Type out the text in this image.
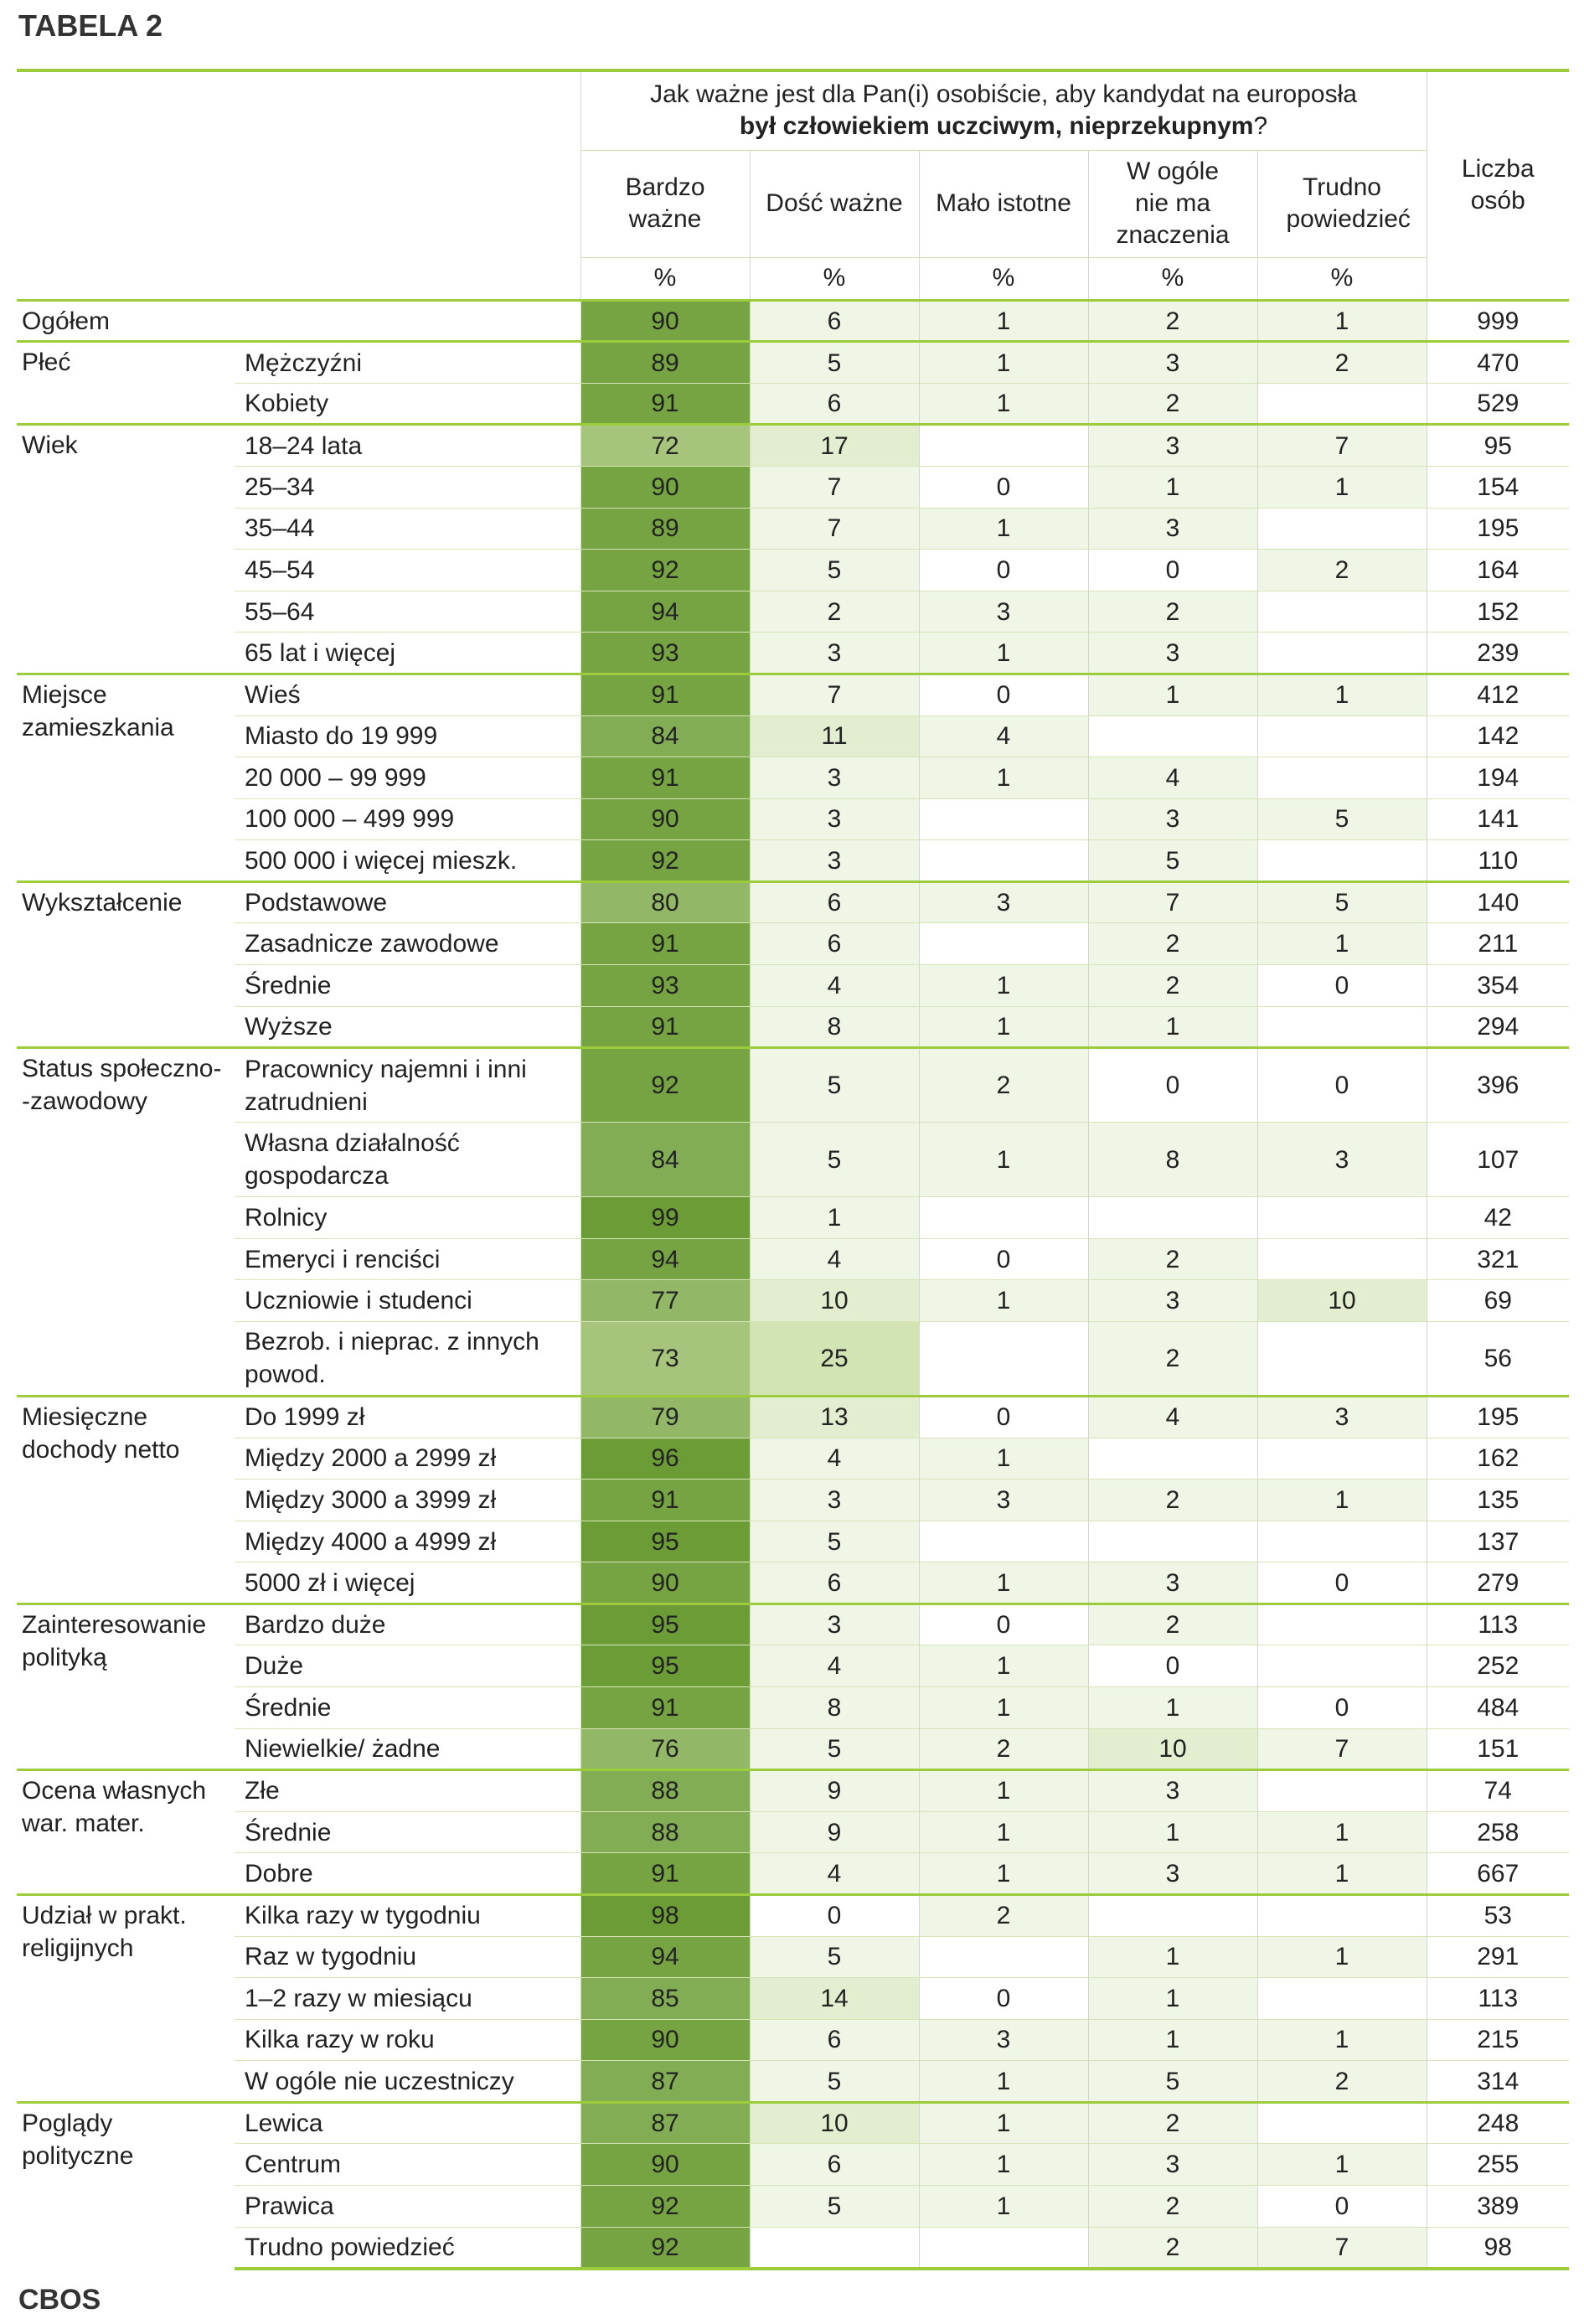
TABELA 2
		Jak ważne jest dla Pan(i) osobiście, aby kandydat na europosła
był człowiekiem uczciwym, nieprzekupnym?					Liczba osób
		Bardzo ważne	Dość ważne	Mało istotne	W ogóle nie ma znaczenia	Trudno powiedzieć	
		%	%	%	%	%	
Ogółem		90	6	1	2	1	999
Płeć	Mężczyźni	89	5	1	3	2	470
	Kobiety	91	6	1	2		529
Wiek	18–24 lata	72	17		3	7	95
	25–34	90	7	0	1	1	154
	35–44	89	7	1	3		195
	45–54	92	5	0	0	2	164
	55–64	94	2	3	2		152
	65 lat i więcej	93	3	1	3		239
Miejsce zamieszkania	Wieś	91	7	0	1	1	412
	Miasto do 19 999	84	11	4			142
	20 000 – 99 999	91	3	1	4		194
	100 000 – 499 999	90	3		3	5	141
	500 000 i więcej mieszk.	92	3		5		110
Wykształcenie	Podstawowe	80	6	3	7	5	140
	Zasadnicze zawodowe	91	6		2	1	211
	Średnie	93	4	1	2	0	354
	Wyższe	91	8	1	1		294
Status społeczno--zawodowy	Pracownicy najemni i inni zatrudnieni	92	5	2	0	0	396
	Własna działalność gospodarcza	84	5	1	8	3	107
	Rolnicy	99	1				42
	Emeryci i renciści	94	4	0	2		321
	Uczniowie i studenci	77	10	1	3	10	69
	Bezrob. i nieprac. z innych powod.	73	25		2		56
Miesięczne dochody netto	Do 1999 zł	79	13	0	4	3	195
	Między 2000 a 2999 zł	96	4	1			162
	Między 3000 a 3999 zł	91	3	3	2	1	135
	Między 4000 a 4999 zł	95	5				137
	5000 zł i więcej	90	6	1	3	0	279
Zainteresowanie polityką	Bardzo duże	95	3	0	2		113
	Duże	95	4	1	0		252
	Średnie	91	8	1	1	0	484
	Niewielkie/ żadne	76	5	2	10	7	151
Ocena własnych war. mater.	Złe	88	9	1	3		74
	Średnie	88	9	1	1	1	258
	Dobre	91	4	1	3	1	667
Udział w prakt. religijnych	Kilka razy w tygodniu	98	0	2			53
	Raz w tygodniu	94	5		1	1	291
	1–2 razy w miesiącu	85	14	0	1		113
	Kilka razy w roku	90	6	3	1	1	215
	W ogóle nie uczestniczy	87	5	1	5	2	314
Poglądy polityczne	Lewica	87	10	1	2		248
	Centrum	90	6	1	3	1	255
	Prawica	92	5	1	2	0	389
	Trudno powiedzieć	92			2	7	98
CBOS
